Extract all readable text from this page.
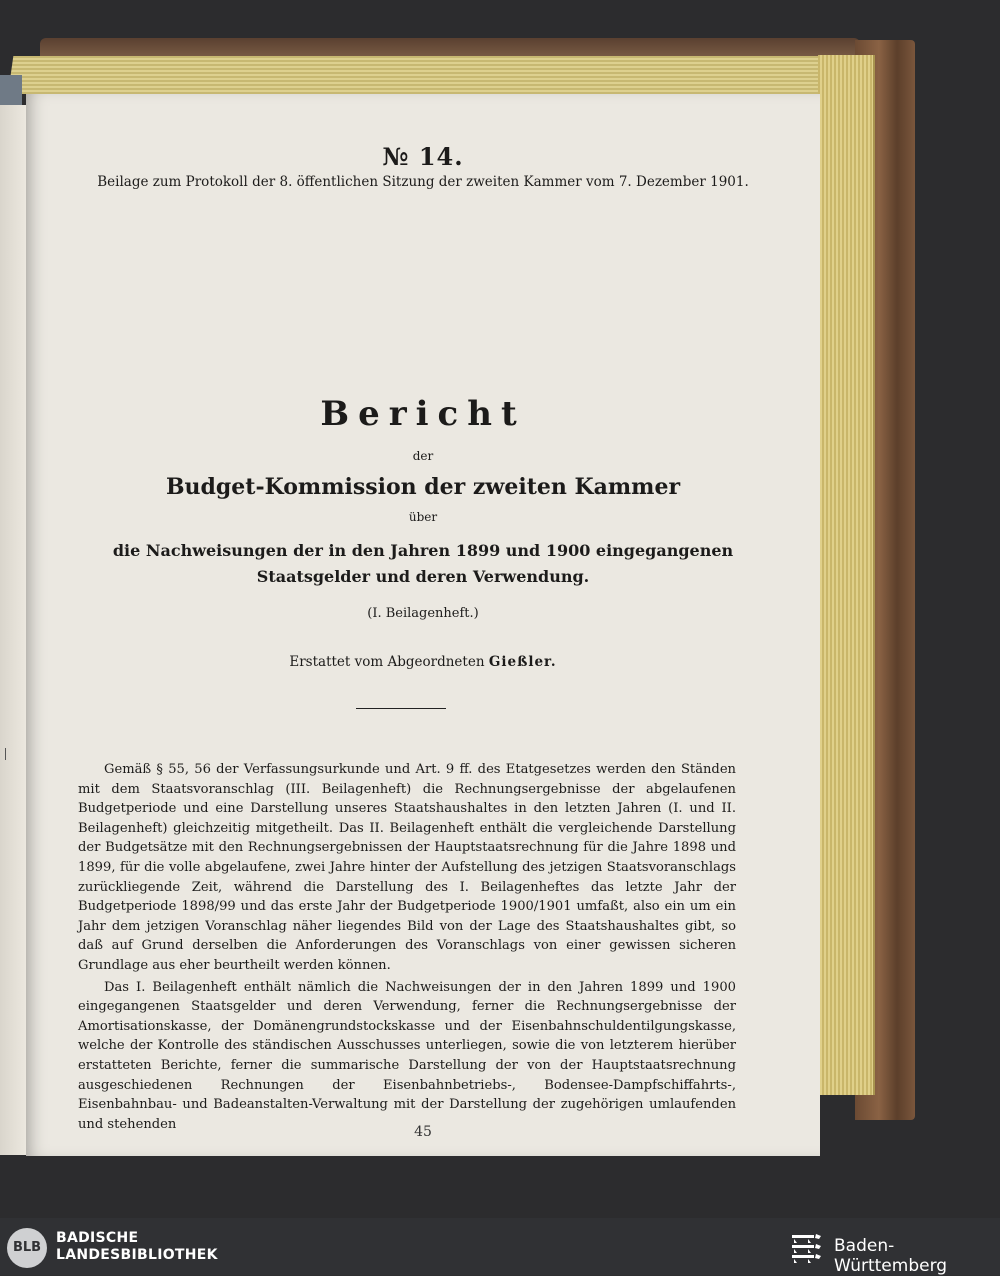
№ 14.
Beilage zum Protokoll der 8. öffentlichen Sitzung der zweiten Kammer vom 7. Dezember 1901.
Bericht
der
Budget-Kommission der zweiten Kammer
über
die Nachweisungen der in den Jahren 1899 und 1900 eingegangenen Staatsgelder und deren Verwendung.
(I. Beilagenheft.)
Erstattet vom Abgeordneten Gießler.

Gemäß § 55, 56 der Verfassungsurkunde und Art. 9 ff. des Etatgesetzes werden den Ständen mit dem Staatsvoranschlag (III. Beilagenheft) die Rechnungsergebnisse der abgelaufenen Budgetperiode und eine Darstellung unseres Staatshaushaltes in den letzten Jahren (I. und II. Beilagenheft) gleichzeitig mitgetheilt. Das II. Beilagenheft enthält die vergleichende Darstellung der Budgetsätze mit den Rechnungsergebnissen der Hauptstaatsrechnung für die Jahre 1898 und 1899, für die volle abgelaufene, zwei Jahre hinter der Aufstellung des jetzigen Staatsvoranschlags zurückliegende Zeit, während die Darstellung des I. Beilagenheftes das letzte Jahr der Budgetperiode 1898/99 und das erste Jahr der Budgetperiode 1900/1901 umfaßt, also ein um ein Jahr dem jetzigen Voranschlag näher liegendes Bild von der Lage des Staatshaushaltes gibt, so daß auf Grund derselben die Anforderungen des Voranschlags von einer gewissen sicheren Grundlage aus eher beurtheilt werden können.

Das I. Beilagenheft enthält nämlich die Nachweisungen der in den Jahren 1899 und 1900 eingegangenen Staatsgelder und deren Verwendung, ferner die Rechnungsergebnisse der Amortisationskasse, der Domänengrundstockskasse und der Eisenbahnschuldentilgungskasse, welche der Kontrolle des ständischen Ausschusses unterliegen, sowie die von letzterem hierüber erstatteten Berichte, ferner die summarische Darstellung der von der Hauptstaatsrechnung ausgeschiedenen Rechnungen der Eisenbahnbetriebs-, Bodensee-Dampfschiffahrts-, Eisenbahnbau- und Badeanstalten-Verwaltung mit der Darstellung der zugehörigen umlaufenden und stehenden	45
BLB
BADISCHE
LANDESBIBLIOTHEK	Baden-Württemberg
